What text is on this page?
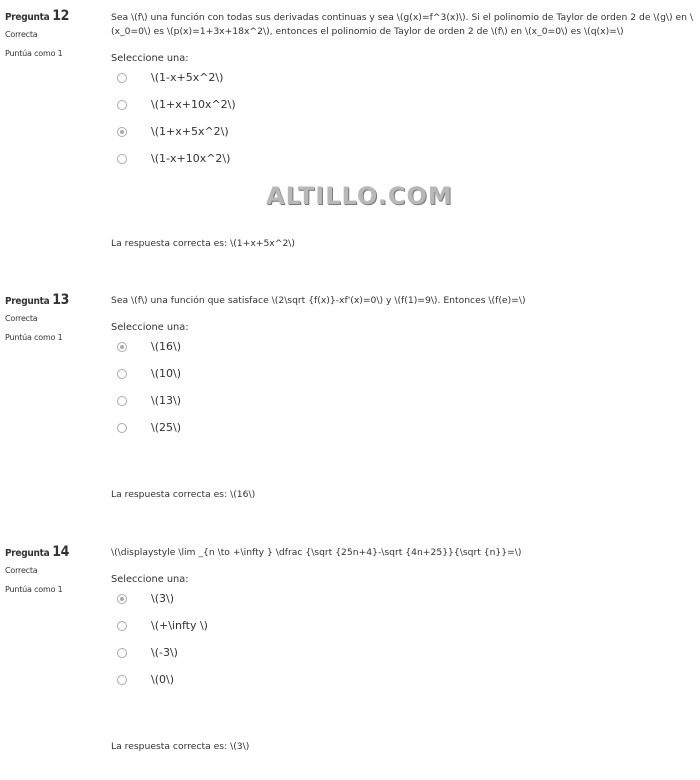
Pregunta 12
Correcta
Puntúa como 1
Sea \(f\) una función con todas sus derivadas continuas y sea \(g(x)=f^3(x)\). Si el polinomio de Taylor de orden 2 de \(g\) en \(x_0=0\) es \(p(x)=1+3x+18x^2\), entonces el polinomio de Taylor de orden 2 de \(f\) en \(x_0=0\) es \(q(x)=\)
Seleccione una:
\(1-x+5x^2\)
\(1+x+10x^2\)
\(1+x+5x^2\)
\(1-x+10x^2\)
La respuesta correcta es: \(1+x+5x^2\)
Pregunta 13
Correcta
Puntúa como 1
Sea \(f\) una función que satisface \(2\sqrt {f(x)}-xf'(x)=0\) y \(f(1)=9\). Entonces \(f(e)=\)
Seleccione una:
\(16\)
\(10\)
\(13\)
\(25\)
La respuesta correcta es: \(16\)
Pregunta 14
Correcta
Puntúa como 1
\(\displaystyle \lim _{n \to +\infty } \dfrac {\sqrt {25n+4}-\sqrt {4n+25}}{\sqrt {n}}=\)
Seleccione una:
\(3\)
\(+\infty \)
\(-3\)
\(0\)
La respuesta correcta es: \(3\)
ALTILLO.COM
